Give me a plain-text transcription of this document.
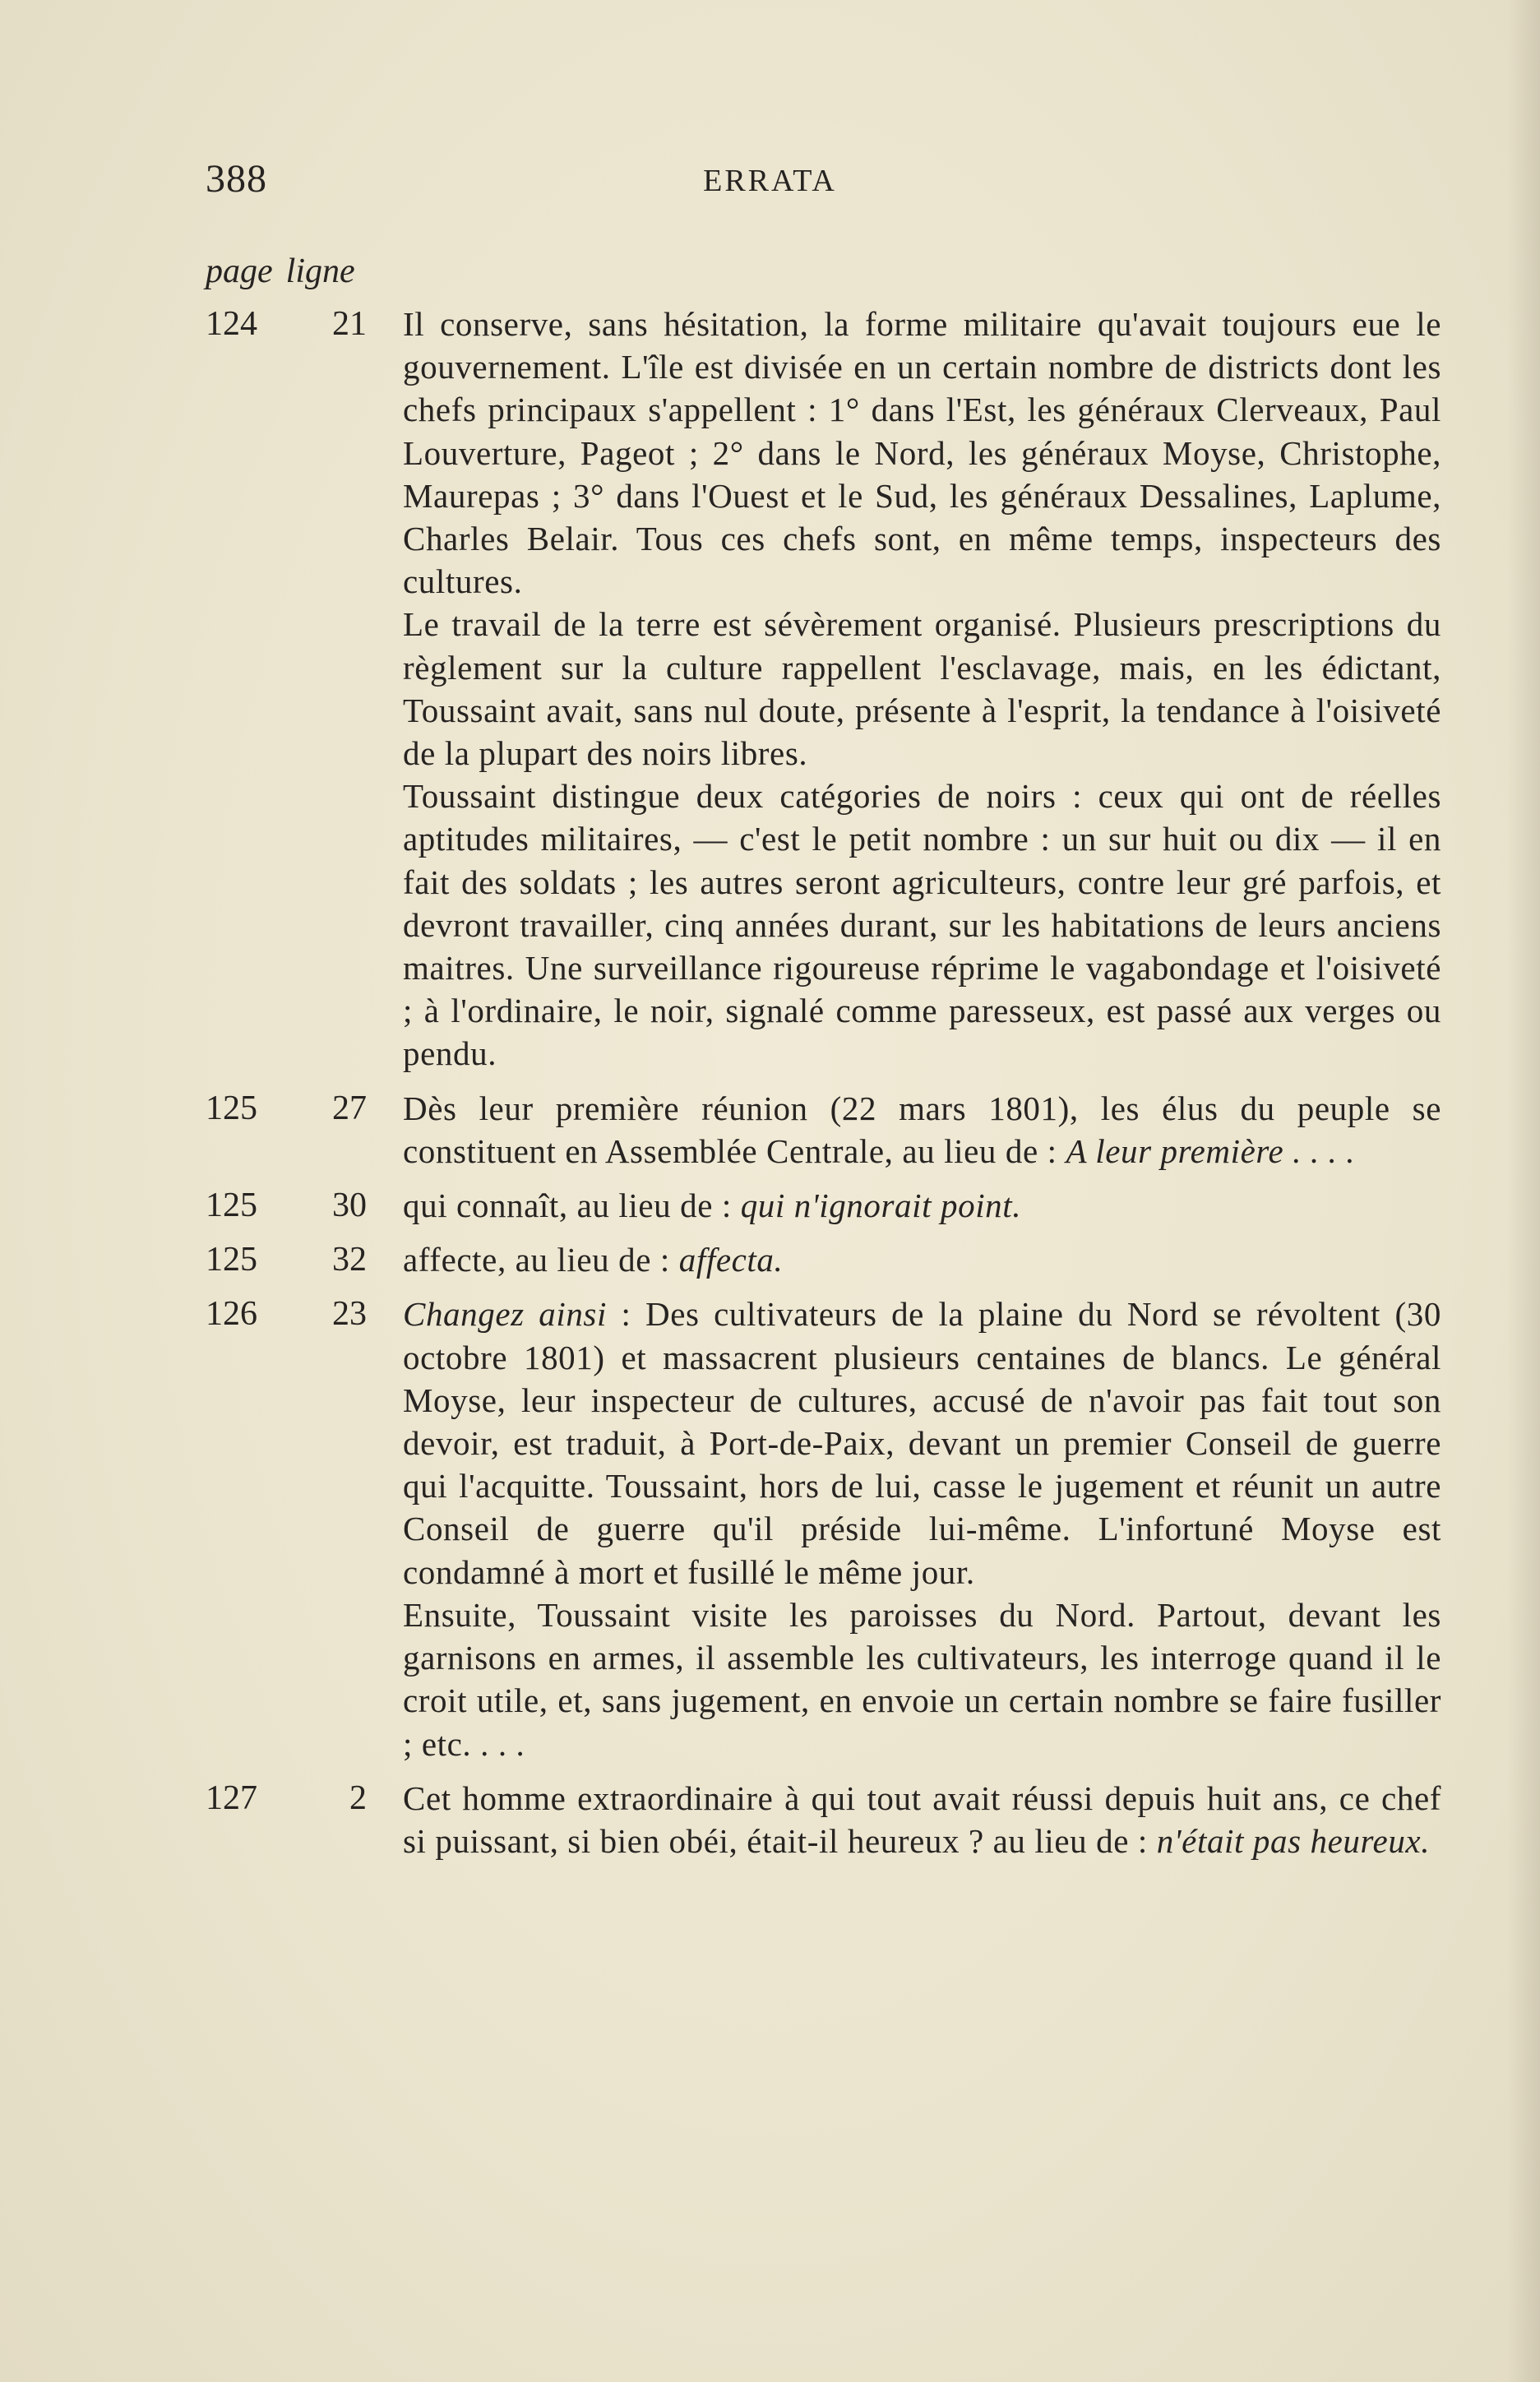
388	ERRATA
page ligne
124	21 Il conserve, sans hésitation, la forme militaire qu'avait toujours eue le gouvernement. L'île est divisée en un certain nombre de districts dont les chefs principaux s'appellent : 1° dans l'Est, les généraux Clerveaux, Paul Louverture, Pageot ; 2° dans le Nord, les généraux Moyse, Christophe, Maurepas ; 3° dans l'Ouest et le Sud, les généraux Dessalines, Laplume, Charles Belair. Tous ces chefs sont, en même temps, inspecteurs des cultures.

Le travail de la terre est sévèrement organisé. Plusieurs prescriptions du règlement sur la culture rappellent l'esclavage, mais, en les édictant, Toussaint avait, sans nul doute, présente à l'esprit, la tendance à l'oisiveté de la plupart des noirs libres.

Toussaint distingue deux catégories de noirs : ceux qui ont de réelles aptitudes militaires, — c'est le petit nombre : un sur huit ou dix — il en fait des soldats ; les autres seront agriculteurs, contre leur gré parfois, et devront travailler, cinq années durant, sur les habitations de leurs anciens maitres. Une surveillance rigoureuse réprime le vagabondage et l'oisiveté ; à l'ordinaire, le noir, signalé comme paresseux, est passé aux verges ou pendu.

125	27 Dès leur première réunion (22 mars 1801), les élus du peuple se constituent en Assemblée Centrale, au lieu de : A leur première . . . .

125	30 qui connaît, au lieu de : qui n'ignorait point.

125	32 affecte, au lieu de : affecta.

126	23 Changez ainsi : Des cultivateurs de la plaine du Nord se révoltent (30 octobre 1801) et massacrent plusieurs centaines de blancs. Le général Moyse, leur inspecteur de cultures, accusé de n'avoir pas fait tout son devoir, est traduit, à Port-de-Paix, devant un premier Conseil de guerre qui l'acquitte. Toussaint, hors de lui, casse le jugement et réunit un autre Conseil de guerre qu'il préside lui-même. L'infortuné Moyse est condamné à mort et fusillé le même jour.

Ensuite, Toussaint visite les paroisses du Nord. Partout, devant les garnisons en armes, il assemble les cultivateurs, les interroge quand il le croit utile, et, sans jugement, en envoie un certain nombre se faire fusiller ; etc. . . .

127	2 Cet homme extraordinaire à qui tout avait réussi depuis huit ans, ce chef si puissant, si bien obéi, était-il heureux ? au lieu de : n'était pas heureux.
